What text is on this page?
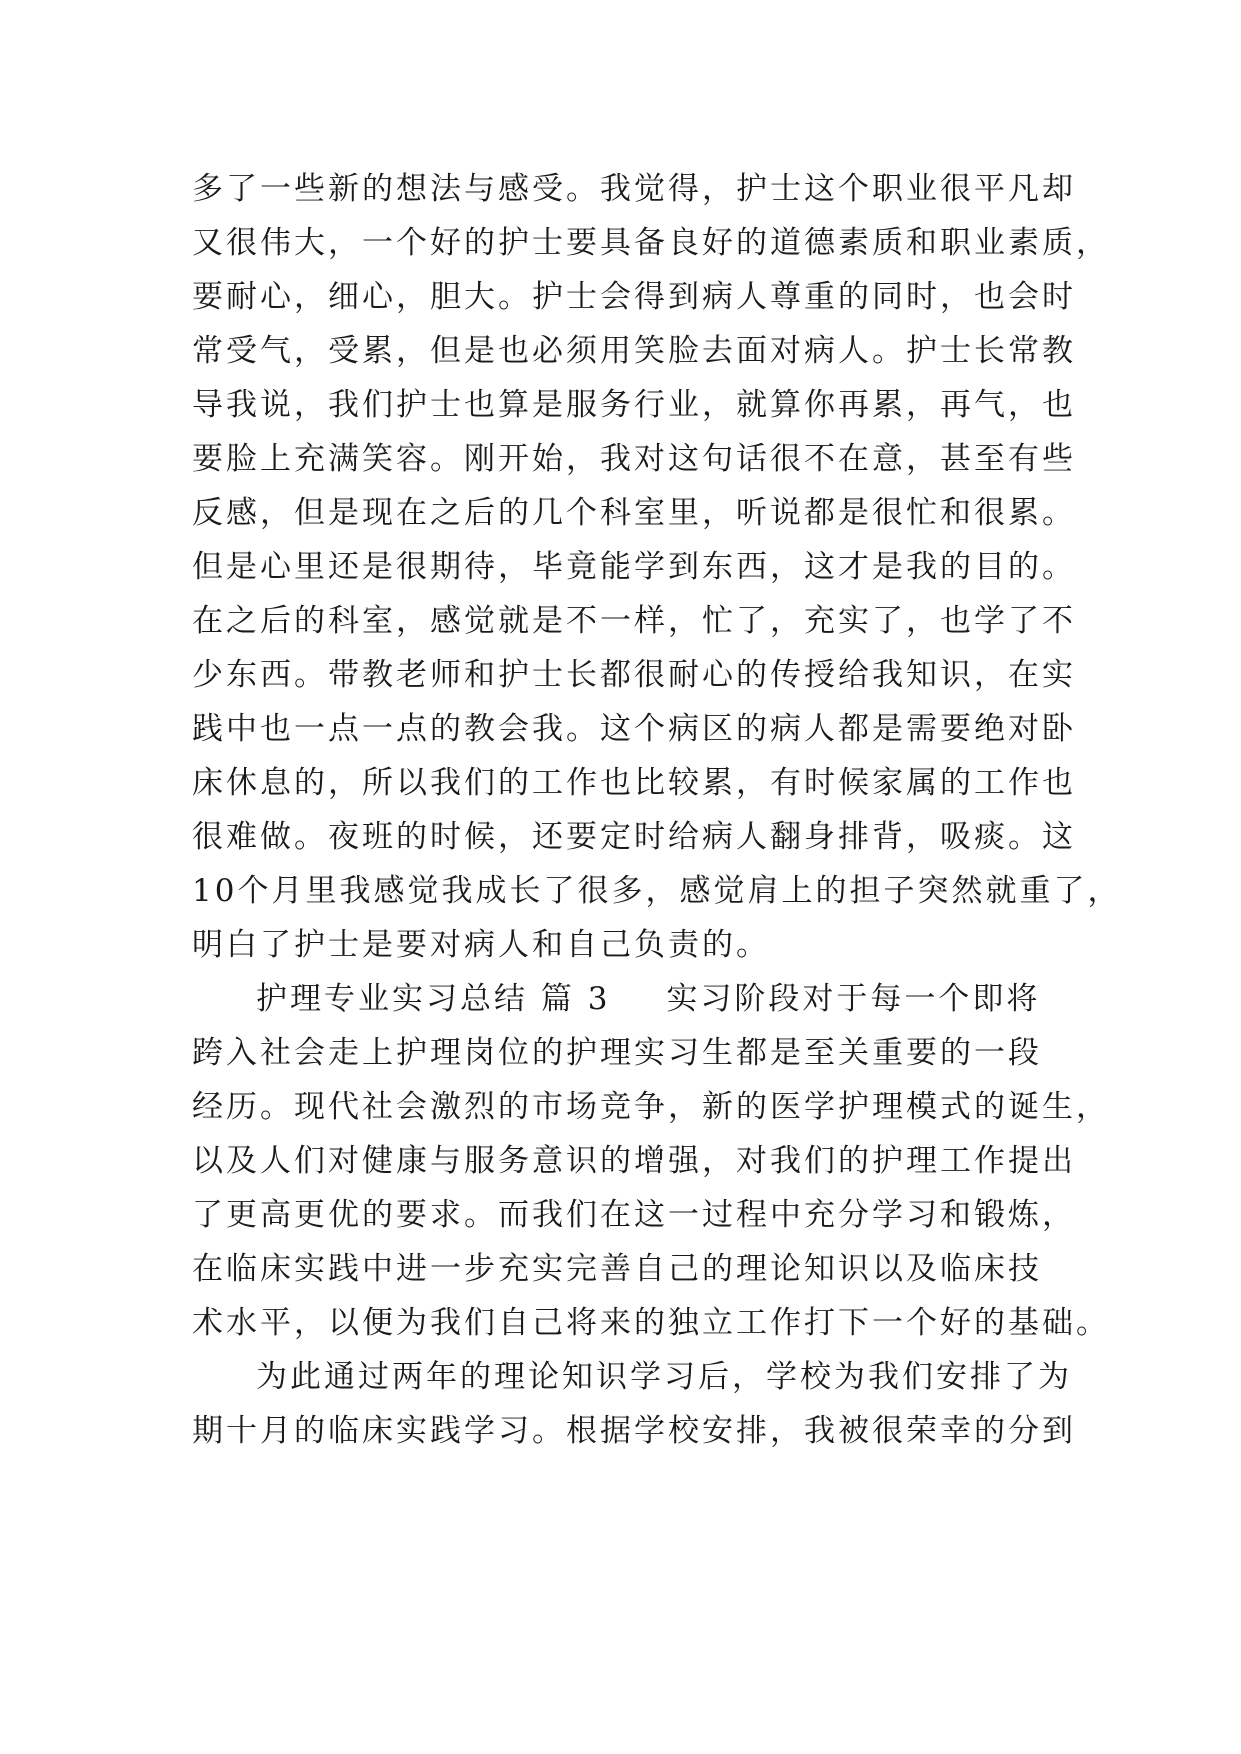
多了一些新的想法与感受。我觉得，护士这个职业很平凡却
又很伟大，一个好的护士要具备良好的道德素质和职业素质，
要耐心，细心，胆大。护士会得到病人尊重的同时，也会时
常受气，受累，但是也必须用笑脸去面对病人。护士长常教
导我说，我们护士也算是服务行业，就算你再累，再气，也
要脸上充满笑容。刚开始，我对这句话很不在意，甚至有些
反感，但是现在之后的几个科室里，听说都是很忙和很累。
但是心里还是很期待，毕竟能学到东西，这才是我的目的。
在之后的科室，感觉就是不一样，忙了，充实了，也学了不
少东西。带教老师和护士长都很耐心的传授给我知识，在实
践中也一点一点的教会我。这个病区的病人都是需要绝对卧
床休息的，所以我们的工作也比较累，有时候家属的工作也
很难做。夜班的时候，还要定时给病人翻身排背，吸痰。这
10个月里我感觉我成长了很多，感觉肩上的担子突然就重了，
明白了护士是要对病人和自己负责的。
护理专业实习总结 篇 3 实习阶段对于每一个即将
跨入社会走上护理岗位的护理实习生都是至关重要的一段
经历。现代社会激烈的市场竞争，新的医学护理模式的诞生，
以及人们对健康与服务意识的增强，对我们的护理工作提出
了更高更优的要求。而我们在这一过程中充分学习和锻炼，
在临床实践中进一步充实完善自己的理论知识以及临床技
术水平，以便为我们自己将来的独立工作打下一个好的基础。
为此通过两年的理论知识学习后，学校为我们安排了为
期十月的临床实践学习。根据学校安排，我被很荣幸的分到
